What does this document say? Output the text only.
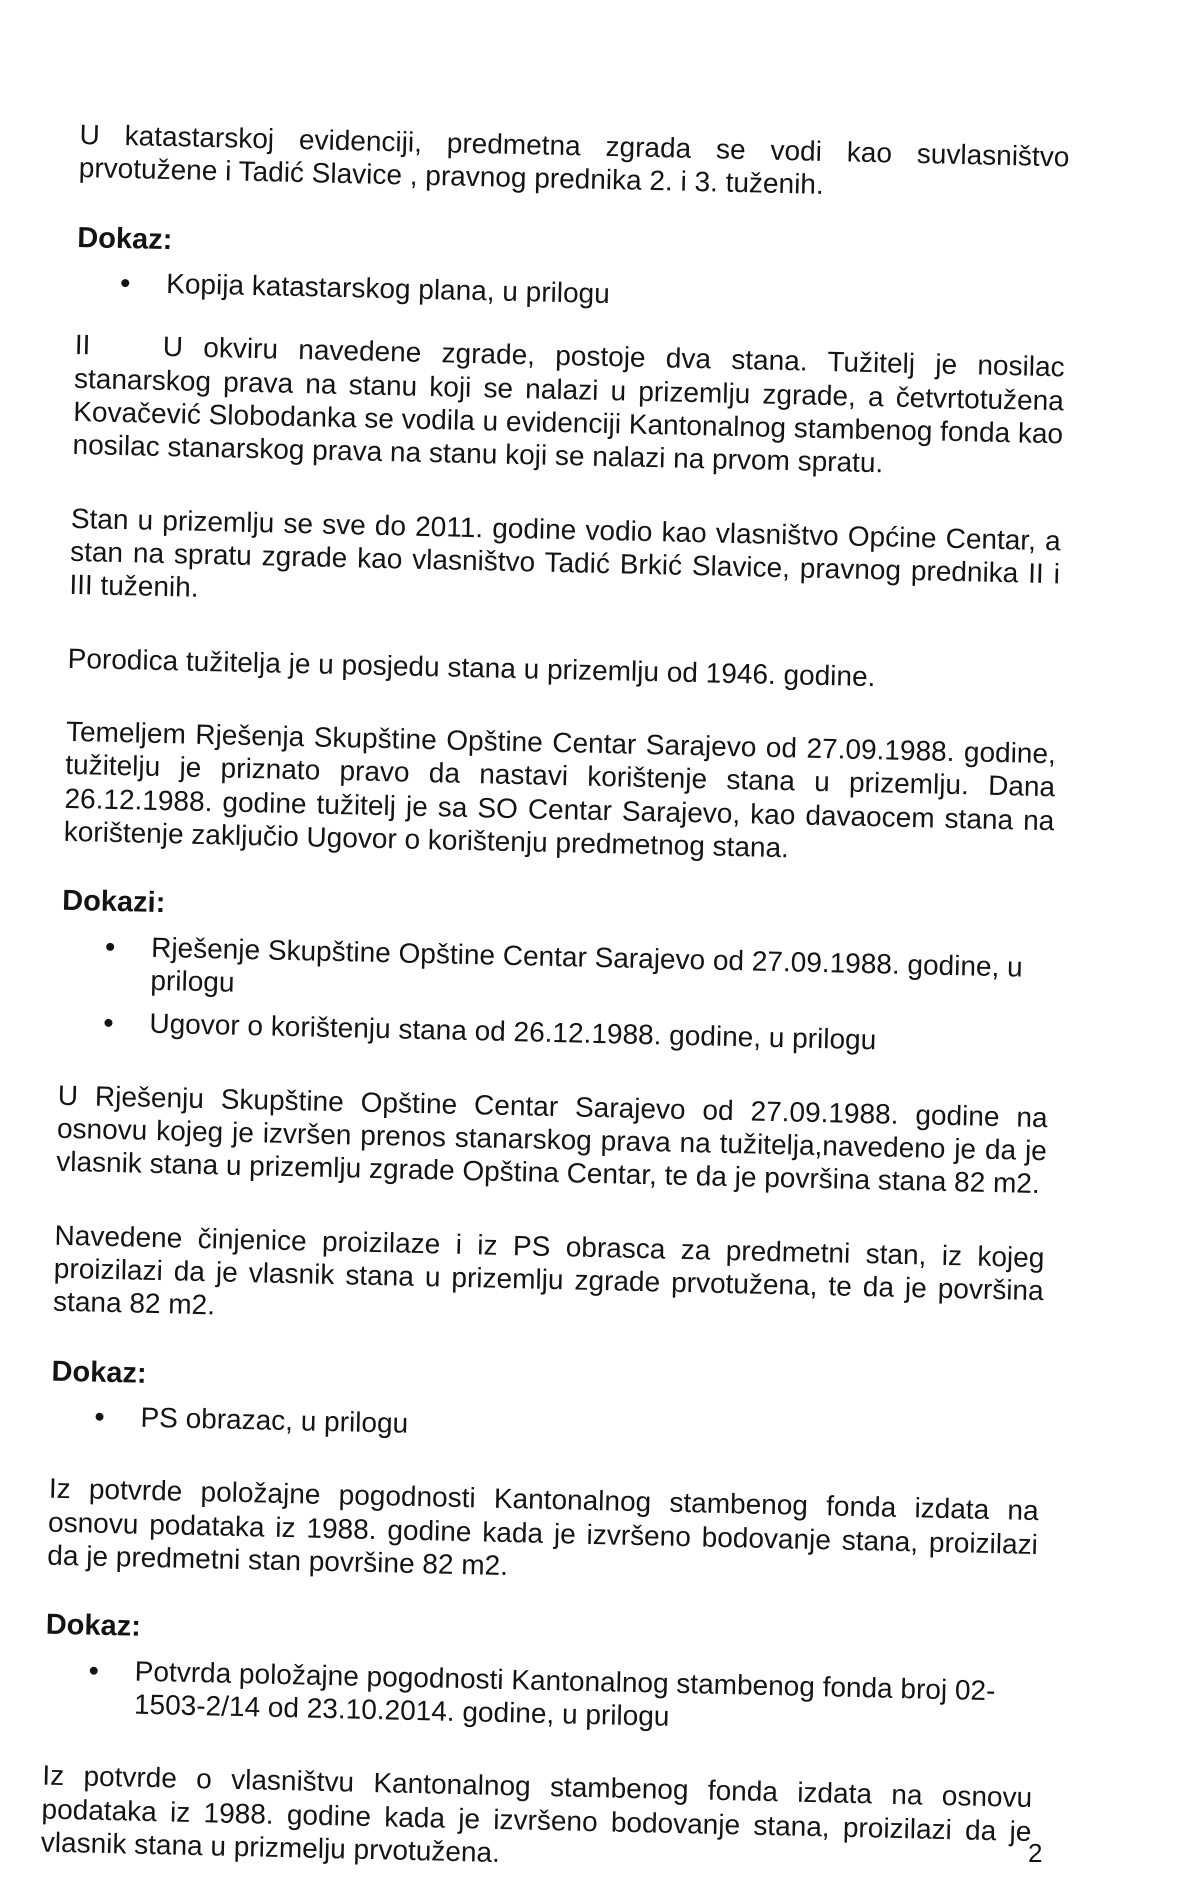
U katastarskoj evidenciji, predmetna zgrada se vodi kao suvlasništvo prvotužene i Tadić Slavice , pravnog prednika 2. i 3. tuženih.

Dokaz:

Kopija katastarskog plana, u prilogu

II	U okviru navedene zgrade, postoje dva stana. Tužitelj je nosilac stanarskog prava na stanu koji se nalazi u prizemlju zgrade, a četvrtotužena Kovačević Slobodanka se vodila u evidenciji Kantonalnog stambenog fonda kao nosilac stanarskog prava na stanu koji se nalazi na prvom spratu.

Stan u prizemlju se sve do 2011. godine vodio kao vlasništvo Općine Centar, a stan na spratu zgrade kao vlasništvo Tadić Brkić Slavice, pravnog prednika II i III tuženih.

Porodica tužitelja je u posjedu stana u prizemlju od 1946. godine.

Temeljem Rješenja Skupštine Opštine Centar Sarajevo od 27.09.1988. godine, tužitelju je priznato pravo da nastavi korištenje stana u prizemlju. Dana 26.12.1988. godine tužitelj je sa SO Centar Sarajevo, kao davaocem stana na korištenje zaključio Ugovor o korištenju predmetnog stana.

Dokazi:

Rješenje Skupštine Opštine Centar Sarajevo od 27.09.1988. godine, u prilogu
Ugovor o korištenju stana od 26.12.1988. godine, u prilogu

U Rješenju Skupštine Opštine Centar Sarajevo od 27.09.1988. godine na osnovu kojeg je izvršen prenos stanarskog prava na tužitelja,navedeno je da je vlasnik stana u prizemlju zgrade Opština Centar, te da je površina stana 82 m2.

Navedene činjenice proizilaze i iz PS obrasca za predmetni stan, iz kojeg proizilazi da je vlasnik stana u prizemlju zgrade prvotužena, te da je površina stana 82 m2.

Dokaz:

PS obrazac, u prilogu

Iz potvrde položajne pogodnosti Kantonalnog stambenog fonda izdata na osnovu podataka iz 1988. godine kada je izvršeno bodovanje stana, proizilazi da je predmetni stan površine 82 m2.

Dokaz:

Potvrda položajne pogodnosti Kantonalnog stambenog fonda broj 02-1503-2/14 od 23.10.2014. godine, u prilogu

Iz potvrde o vlasništvu Kantonalnog stambenog fonda izdata na osnovu podataka iz 1988. godine kada je izvršeno bodovanje stana, proizilazi da je vlasnik stana u prizmelju prvotužena.	2
